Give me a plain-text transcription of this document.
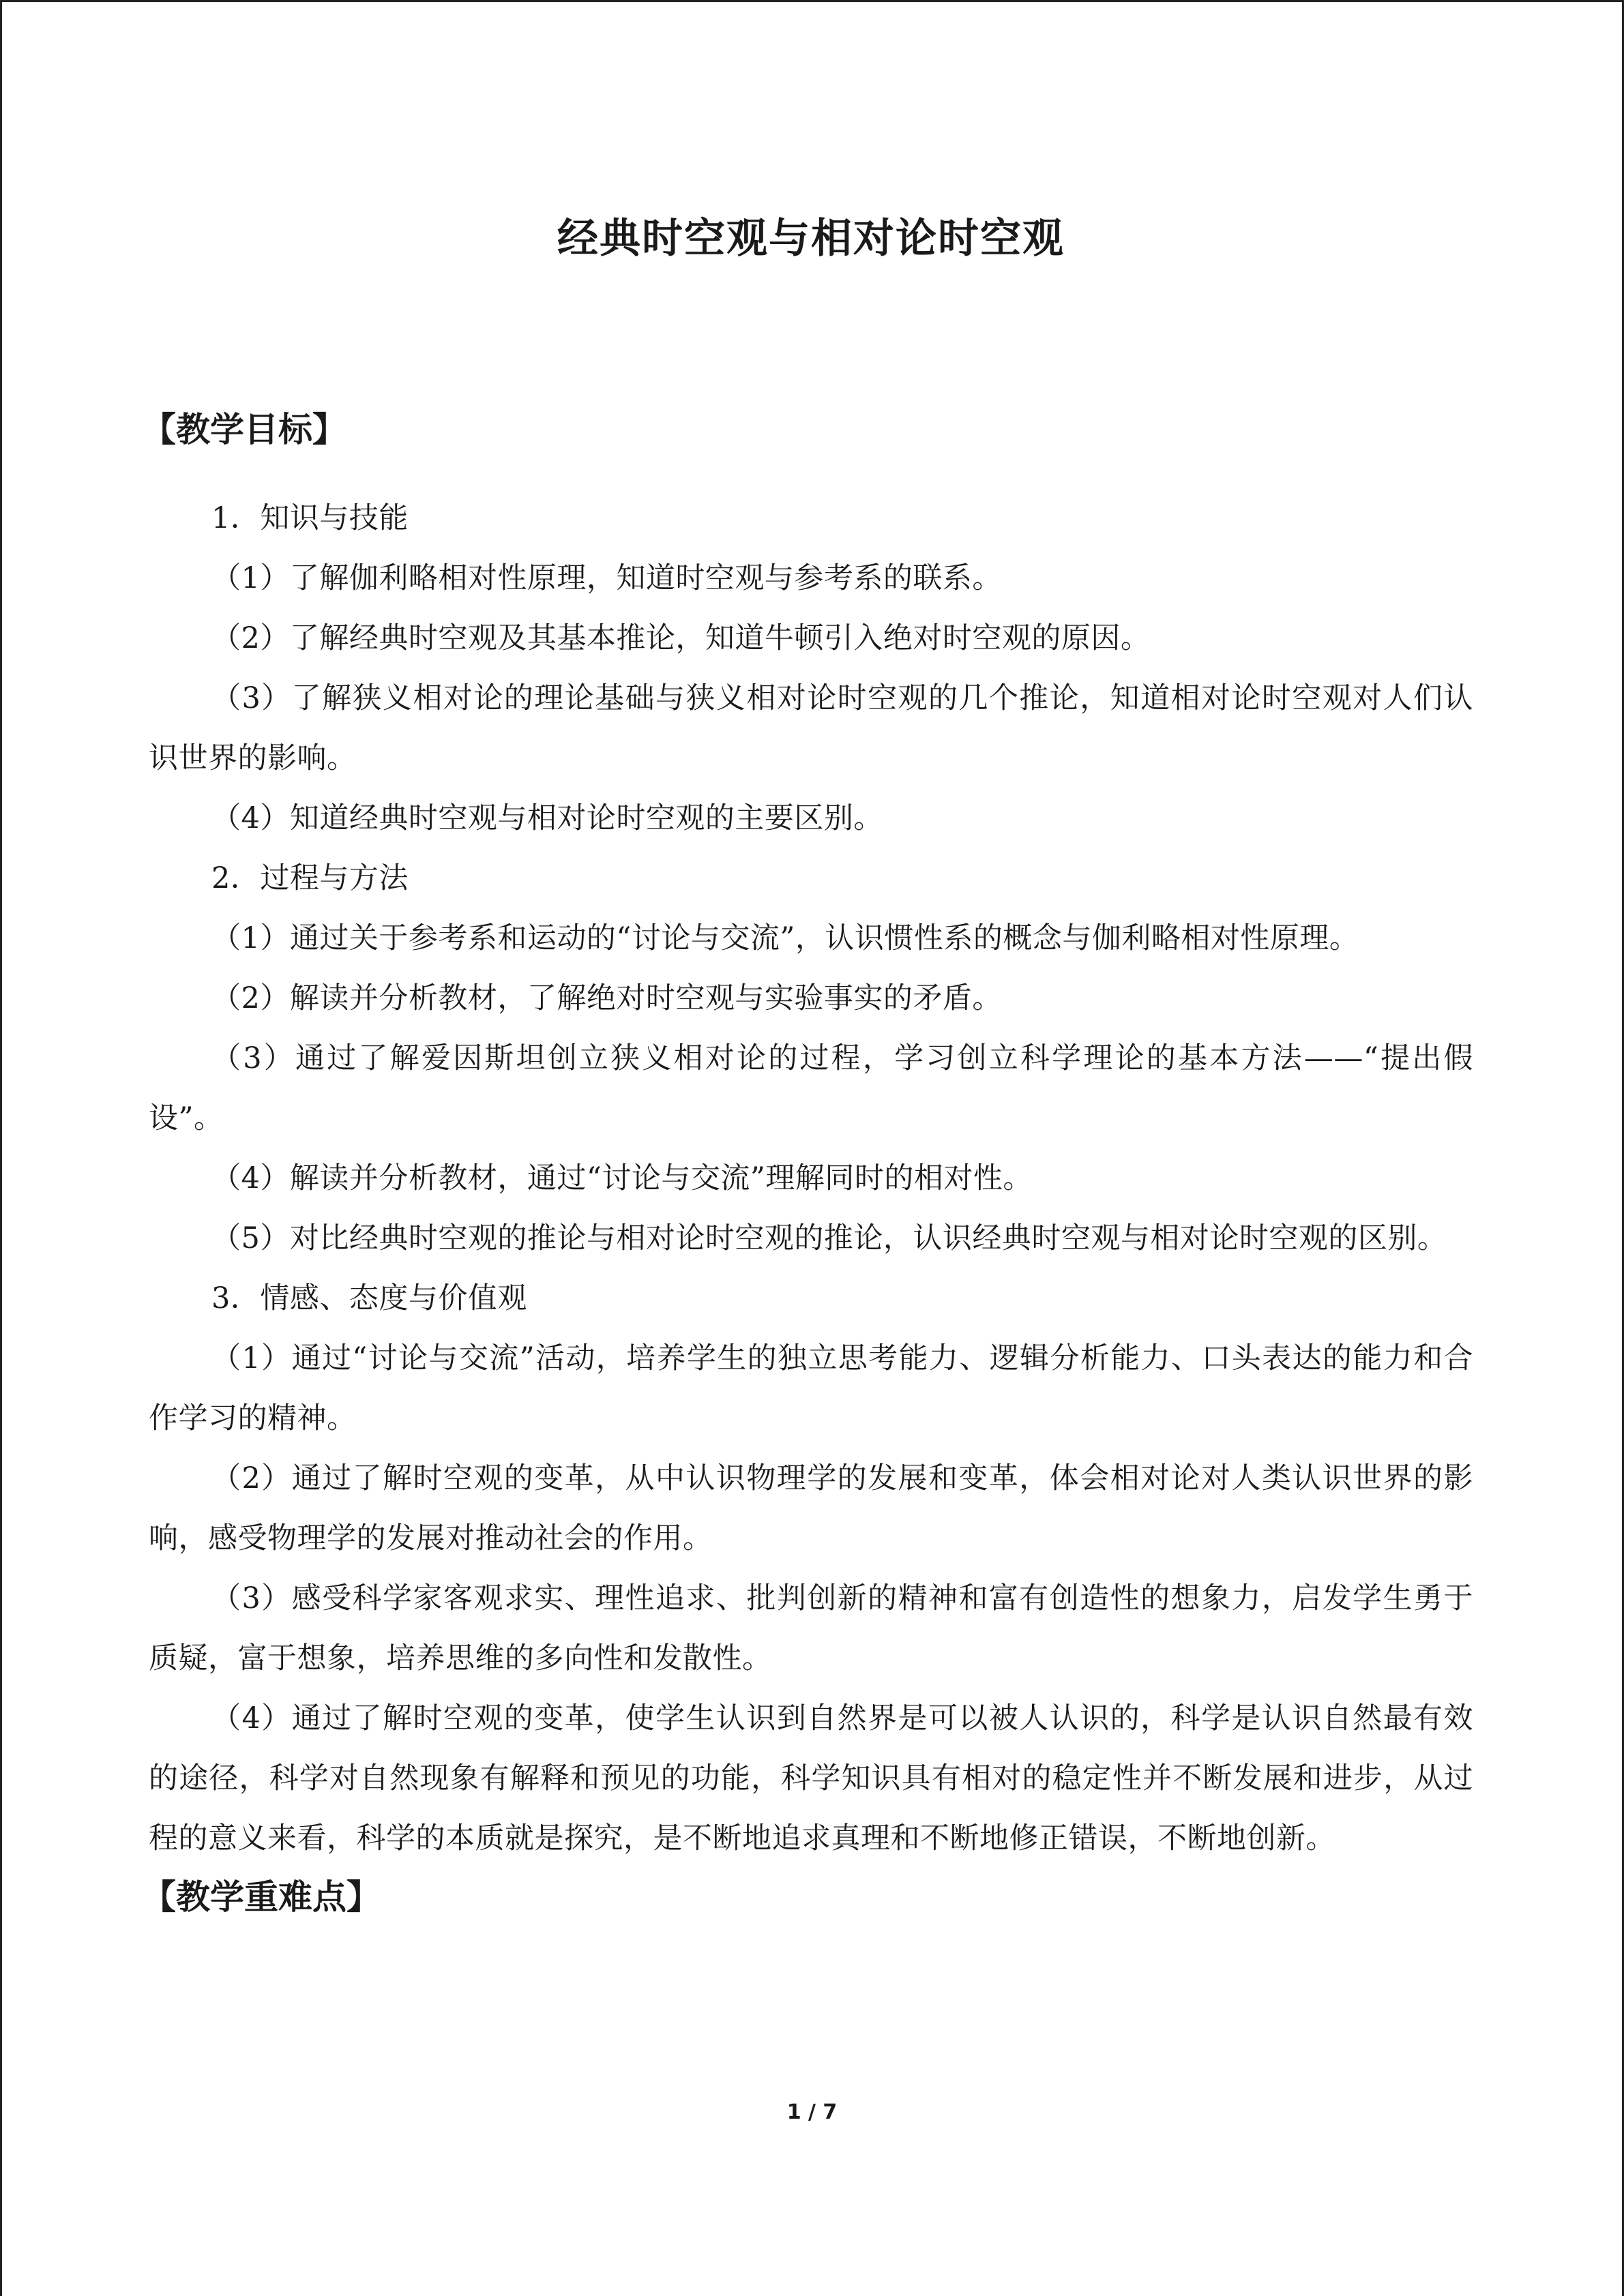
经典时空观与相对论时空观
【教学目标】

1．知识与技能

（1）了解伽利略相对性原理，知道时空观与参考系的联系。

（2）了解经典时空观及其基本推论，知道牛顿引入绝对时空观的原因。

（3）了解狭义相对论的理论基础与狭义相对论时空观的几个推论，知道相对论时空观对人们认识世界的影响。

（4）知道经典时空观与相对论时空观的主要区别。

2．过程与方法

（1）通过关于参考系和运动的“讨论与交流”，认识惯性系的概念与伽利略相对性原理。

（2）解读并分析教材，了解绝对时空观与实验事实的矛盾。

（3）通过了解爱因斯坦创立狭义相对论的过程，学习创立科学理论的基本方法——“提出假设”。

（4）解读并分析教材，通过“讨论与交流”理解同时的相对性。

（5）对比经典时空观的推论与相对论时空观的推论，认识经典时空观与相对论时空观的区别。

3．情感、态度与价值观

（1）通过“讨论与交流”活动，培养学生的独立思考能力、逻辑分析能力、口头表达的能力和合作学习的精神。

（2）通过了解时空观的变革，从中认识物理学的发展和变革，体会相对论对人类认识世界的影响，感受物理学的发展对推动社会的作用。

（3）感受科学家客观求实、理性追求、批判创新的精神和富有创造性的想象力，启发学生勇于质疑，富于想象，培养思维的多向性和发散性。

（4）通过了解时空观的变革，使学生认识到自然界是可以被人认识的，科学是认识自然最有效的途径，科学对自然现象有解释和预见的功能，科学知识具有相对的稳定性并不断发展和进步，从过程的意义来看，科学的本质就是探究，是不断地追求真理和不断地修正错误，不断地创新。

【教学重难点】
1 / 7
